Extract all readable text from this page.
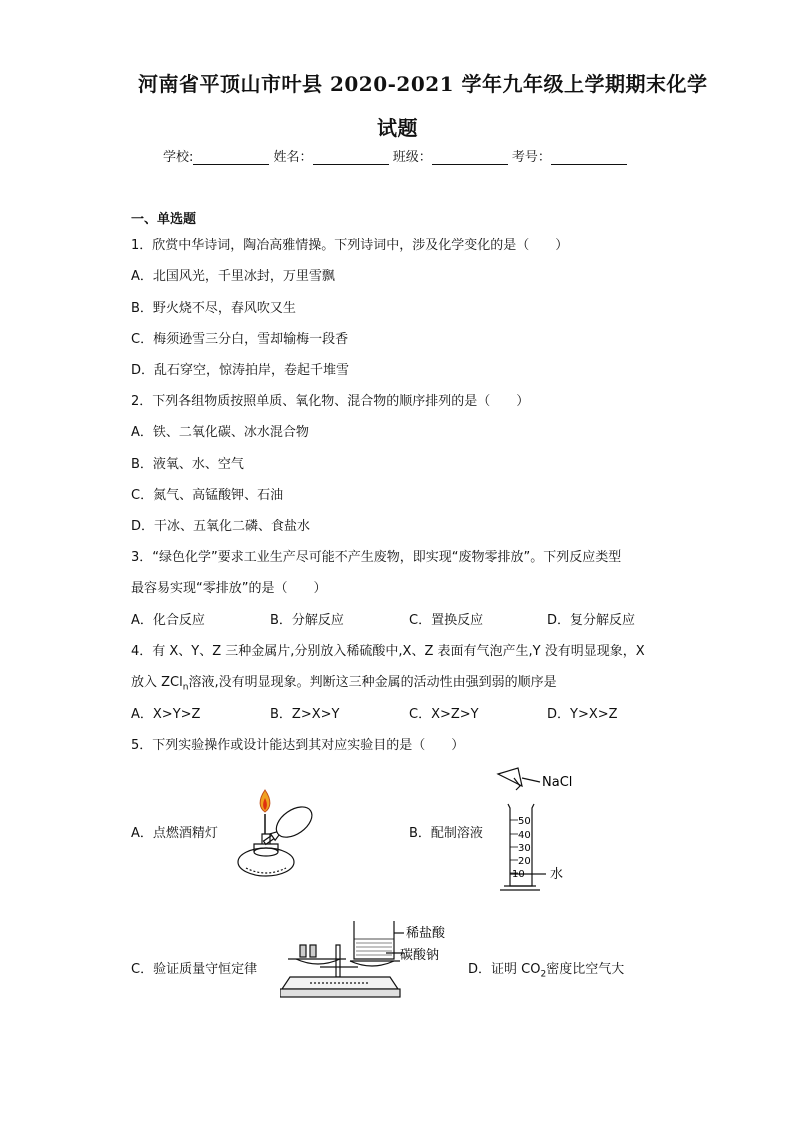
河南省平顶山市叶县 2020-2021 学年九年级上学期期末化学
试题
学校:	姓名：	班级：	考号：
一、单选题
1．欣赏中华诗词，陶冶高雅情操。下列诗词中，涉及化学变化的是（　　）
A．北国风光，千里冰封，万里雪飘
B．野火烧不尽，春风吹又生
C．梅须逊雪三分白，雪却输梅一段香
D．乱石穿空，惊涛拍岸，卷起千堆雪
2．下列各组物质按照单质、氧化物、混合物的顺序排列的是（　　）
A．铁、二氧化碳、冰水混合物
B．液氧、水、空气
C．氮气、高锰酸钾、石油
D．干冰、五氧化二磷、食盐水
3．“绿色化学”要求工业生产尽可能不产生废物，即实现“废物零排放”。下列反应类型
最容易实现“零排放”的是（　　）
A．化合反应	B．分解反应	C．置换反应	D．复分解反应
4．有 X、Y、Z 三种金属片,分别放入稀硫酸中,X、Z 表面有气泡产生,Y 没有明显现象，X
放入 ZCl$_n$溶液,没有明显现象。判断这三种金属的活动性由强到弱的顺序是
A．X>Y>Z	B．Z>X>Y	C．X>Z>Y	D．Y>X>Z
5．下列实验操作或设计能达到其对应实验目的是（　　）
A．点燃酒精灯	B．配制溶液
C．验证质量守恒定律	D．证明 $CO_2$密度比空气大
NaCl
水
50
40
30
20
10
稀盐酸
碳酸钠
